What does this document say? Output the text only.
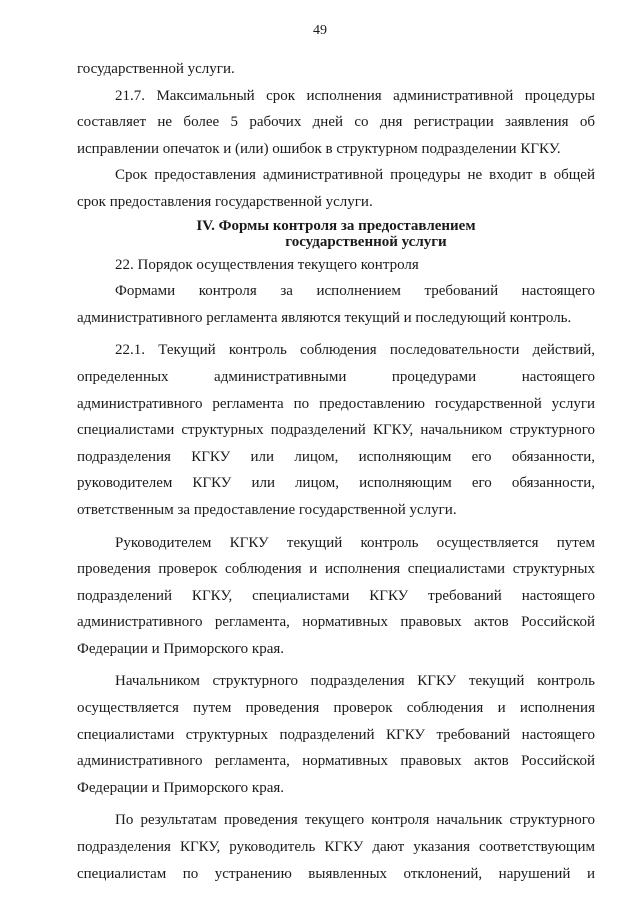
49
государственной услуги.
21.7. Максимальный срок исполнения административной процедуры
составляет не более 5 рабочих дней со дня регистрации заявления об
исправлении опечаток и (или) ошибок в структурном подразделении КГКУ.
Срок предоставления административной процедуры не входит в общей
срок предоставления государственной услуги.
IV. Формы контроля за предоставлением
государственной услуги
22. Порядок осуществления текущего контроля
Формами контроля за исполнением требований настоящего
административного регламента являются текущий и последующий контроль.
22.1. Текущий контроль соблюдения последовательности действий,
определенных административными процедурами настоящего
административного регламента по предоставлению государственной услуги
специалистами структурных подразделений КГКУ, начальником структурного
подразделения КГКУ или лицом, исполняющим его обязанности,
руководителем КГКУ или лицом, исполняющим его обязанности,
ответственным за предоставление государственной услуги.
Руководителем КГКУ текущий контроль осуществляется путем
проведения проверок соблюдения и исполнения специалистами структурных
подразделений КГКУ, специалистами КГКУ требований настоящего
административного регламента, нормативных правовых актов Российской
Федерации и Приморского края.
Начальником структурного подразделения КГКУ текущий контроль
осуществляется путем проведения проверок соблюдения и исполнения
специалистами структурных подразделений КГКУ требований настоящего
административного регламента, нормативных правовых актов Российской
Федерации и Приморского края.
По результатам проведения текущего контроля начальник структурного
подразделения КГКУ, руководитель КГКУ дают указания соответствующим
специалистам по устранению выявленных отклонений, нарушений и
